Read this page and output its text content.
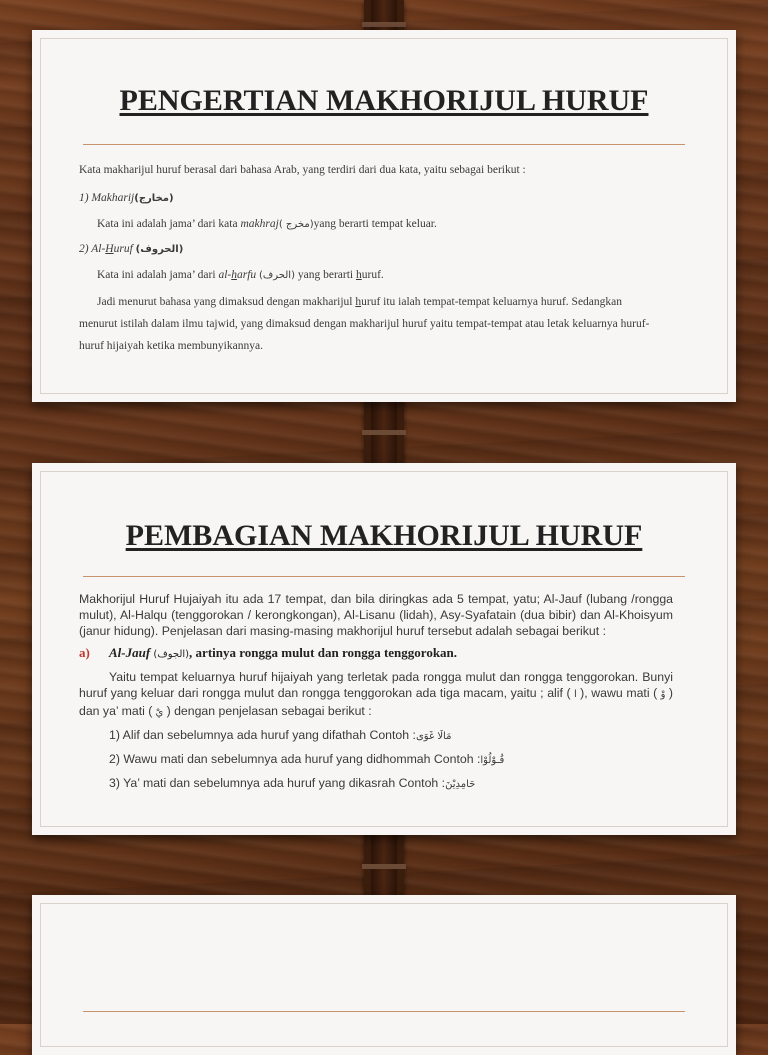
PENGERTIAN MAKHORIJUL HURUF

Kata makharijul huruf berasal dari bahasa Arab, yang terdiri dari dua kata, yaitu sebagai berikut :

1) Makharij(مخارج)

Kata ini adalah jama’ dari kata makhraj( مخرج)yang berarti tempat keluar.

2) Al-Huruf (الحروف)

Kata ini adalah jama’ dari al-harfu (الحرف) yang berarti huruf.

Jadi menurut bahasa yang dimaksud dengan makharijul huruf itu ialah tempat-tempat keluarnya huruf. Sedangkan menurut istilah dalam ilmu tajwid, yang dimaksud dengan makharijul huruf yaitu tempat-tempat atau letak keluarnya huruf-huruf hijaiyah ketika membunyikannya.

PEMBAGIAN MAKHORIJUL HURUF

Makhorijul Huruf Hujaiyah itu ada 17 tempat, dan bila diringkas ada 5 tempat, yatu; Al-Jauf (lubang /rongga mulut), Al-Halqu (tenggorokan / kerongkongan), Al-Lisanu (lidah), Asy-Syafatain (dua bibir) dan Al-Khoisyum (janur hidung). Penjelasan dari masing-masing makhorijul huruf tersebut adalah sebagai berikut :

a) Al-Jauf (الجوف), artinya rongga mulut dan rongga tenggorokan.

Yaitu tempat keluarnya huruf hijaiyah yang terletak pada rongga mulut dan rongga tenggorokan. Bunyi huruf yang keluar dari rongga mulut dan rongga tenggorokan ada tiga macam, yaitu ; alif ( ا ), wawu mati ( وْ ) dan ya’ mati ( يْ ) dengan penjelasan sebagai berikut :

1) Alif dan sebelumnya ada huruf yang difathah Contoh :مَالَا غَوَى

2) Wawu mati dan sebelumnya ada huruf yang didhommah Contoh :قُـوْلُوْا

3) Ya’ mati dan sebelumnya ada huruf yang dikasrah Contoh :حَامِدِيْنَ
